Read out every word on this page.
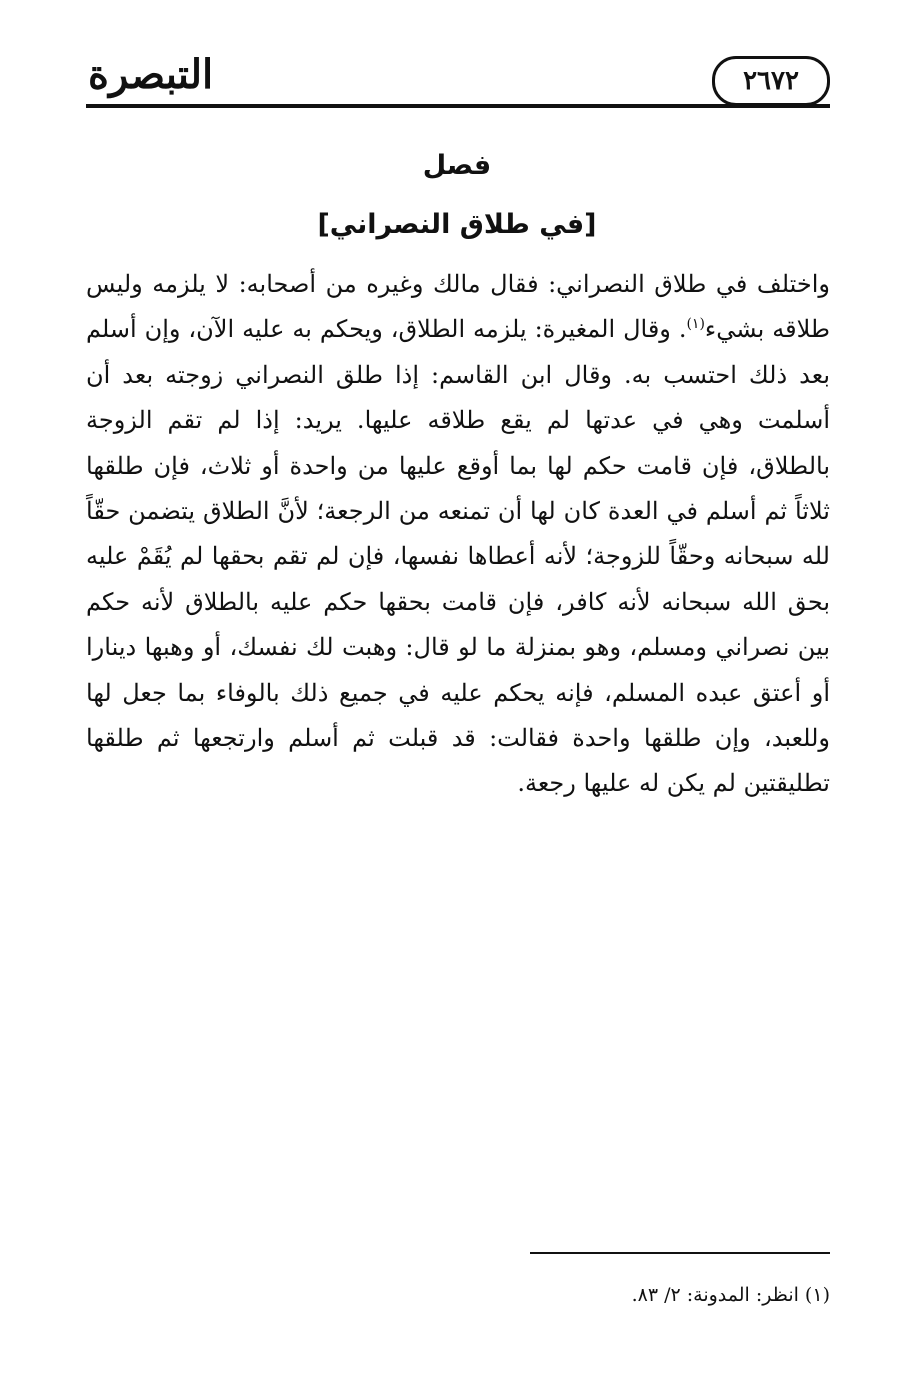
التبصرة	٢٦٧٢
فصل
[في طلاق النصراني]
واختلف في طلاق النصراني: فقال مالك وغيره من أصحابه: لا يلزمه وليس طلاقه بشيء$^{(١)}$. وقال المغيرة: يلزمه الطلاق، ويحكم به عليه الآن، وإن أسلم بعد ذلك احتسب به. وقال ابن القاسم: إذا طلق النصراني زوجته بعد أن أسلمت وهي في عدتها لم يقع طلاقه عليها. يريد: إذا لم تقم الزوجة بالطلاق، فإن قامت حكم لها بما أوقع عليها من واحدة أو ثلاث، فإن طلقها ثلاثاً ثم أسلم في العدة كان لها أن تمنعه من الرجعة؛ لأنَّ الطلاق يتضمن حقّاً لله سبحانه وحقّاً للزوجة؛ لأنه أعطاها نفسها، فإن لم تقم بحقها لم يُقَمْ عليه بحق الله سبحانه لأنه كافر، فإن قامت بحقها حكم عليه بالطلاق لأنه حكم بين نصراني ومسلم، وهو بمنزلة ما لو قال: وهبت لك نفسك، أو وهبها دينارا أو أعتق عبده المسلم، فإنه يحكم عليه في جميع ذلك بالوفاء بما جعل لها وللعبد، وإن طلقها واحدة فقالت: قد قبلت ثم أسلم وارتجعها ثم طلقها تطليقتين لم يكن له عليها رجعة.
(١) انظر: المدونة: ٢/ ٨٣.
